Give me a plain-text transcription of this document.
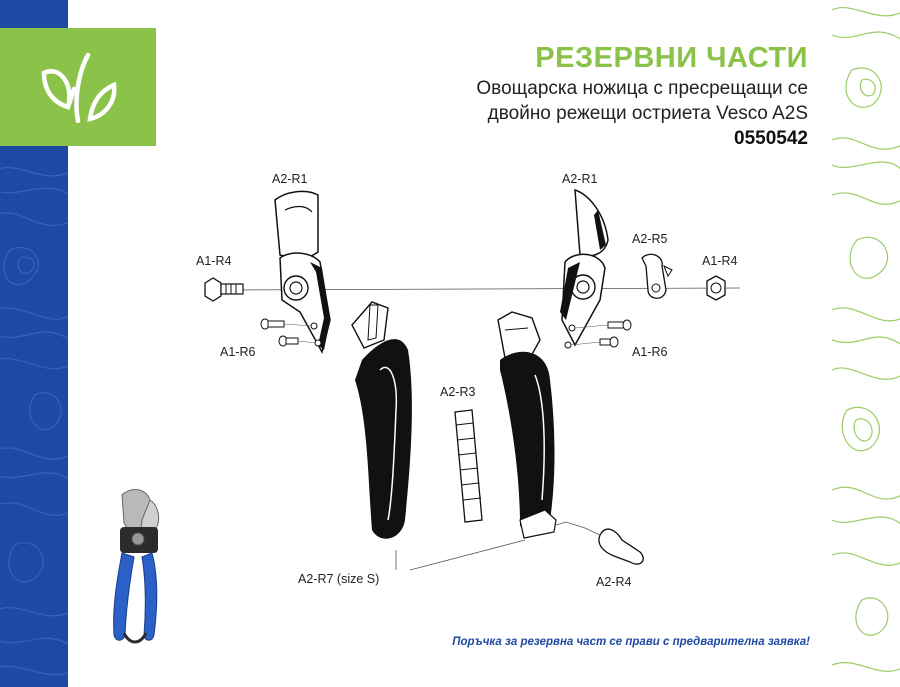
РЕЗЕРВНИ ЧАСТИ
Овощарска ножица с пресрещащи се
двойно режещи остриета Vesco A2S
0550542
A2-R1	A2-R1
A1-R4	A1-R4
A2-R5
A1-R6	A1-R6
A2-R3
A2-R7 (size S)	A2-R4
Поръчка за резервна част се прави с предварителна заявка!
